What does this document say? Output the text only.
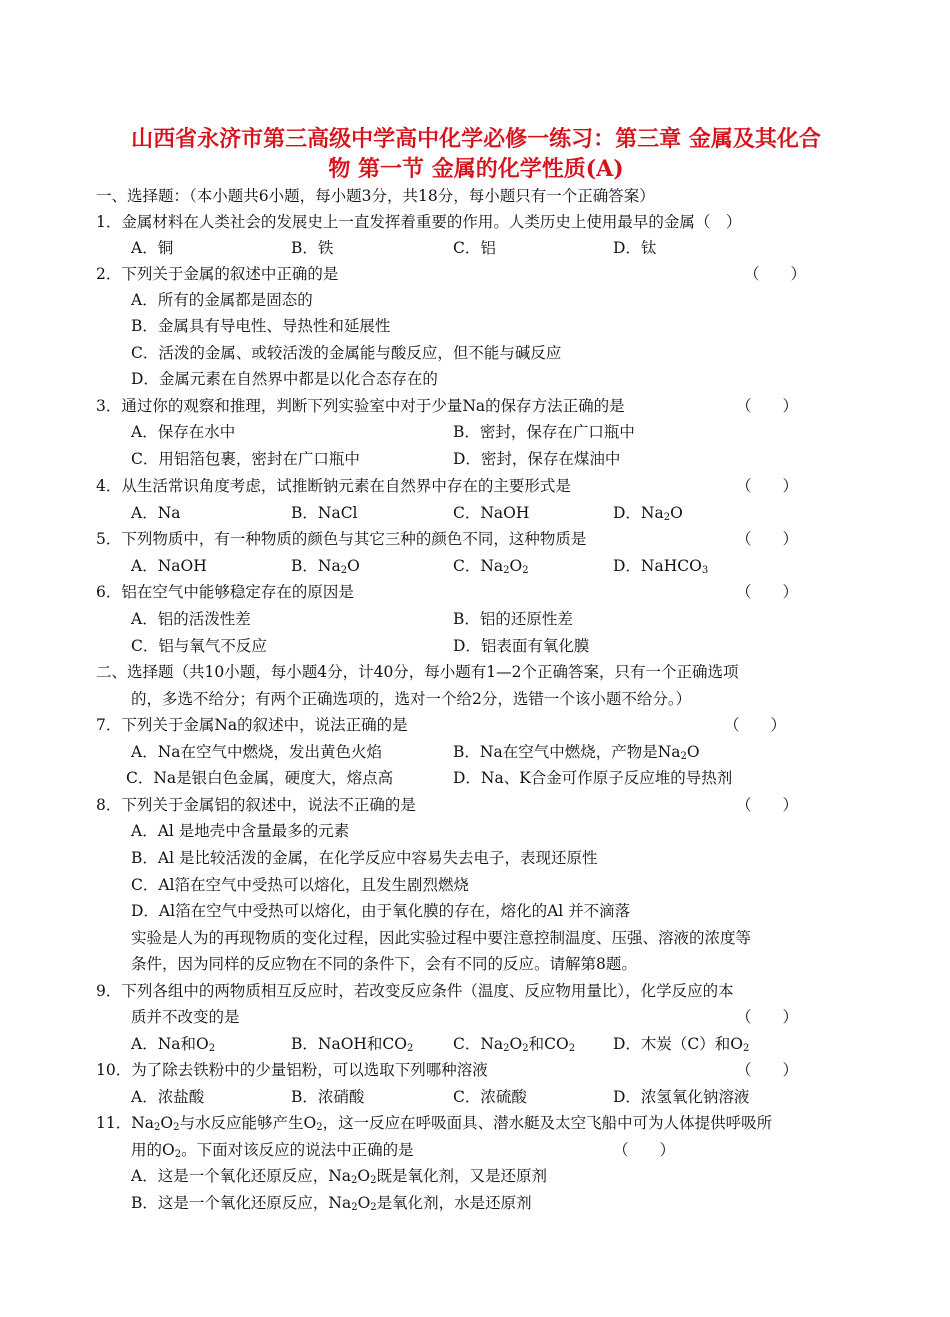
山西省永济市第三高级中学高中化学必修一练习：第三章 金属及其化合
物 第一节 金属的化学性质(A)
一、选择题：（本小题共6小题，每小题3分，共18分，每小题只有一个正确答案）
1．金属材料在人类社会的发展史上一直发挥着重要的作用。人类历史上使用最早的金属（　）
A．铜	B．铁	C．铝	D．钛
2．下列关于金属的叙述中正确的是	（　　）
A．所有的金属都是固态的
B．金属具有导电性、导热性和延展性
C．活泼的金属、或较活泼的金属能与酸反应，但不能与碱反应
D．金属元素在自然界中都是以化合态存在的
3．通过你的观察和推理，判断下列实验室中对于少量Na的保存方法正确的是	（　　）
A．保存在水中	B．密封，保存在广口瓶中
C．用铝箔包裹，密封在广口瓶中	D．密封，保存在煤油中
4．从生活常识角度考虑，试推断钠元素在自然界中存在的主要形式是	（　　）
A．Na	B．NaCl	C．NaOH	D．$Na_2O$
5．下列物质中，有一种物质的颜色与其它三种的颜色不同，这种物质是	（　　）
A．NaOH	B．$Na_2O$	C．$Na_2O_2$	D．NaHCO$_3$
6．铝在空气中能够稳定存在的原因是	（　　）
A．铝的活泼性差	B．铝的还原性差
C．铝与氧气不反应	D．铝表面有氧化膜
二、选择题（共10小题，每小题4分，计40分，每小题有1—2个正确答案，只有一个正确选项
的，多选不给分；有两个正确选项的，选对一个给2分，选错一个该小题不给分。）
7．下列关于金属Na的叙述中，说法正确的是	（　　）
A．Na在空气中燃烧，发出黄色火焰	B．Na在空气中燃烧，产物是$Na_2O$
C．Na是银白色金属，硬度大，熔点高	D．Na、K合金可作原子反应堆的导热剂
8．下列关于金属铝的叙述中，说法不正确的是	（　　）
A．Al 是地壳中含量最多的元素
B．Al 是比较活泼的金属，在化学反应中容易失去电子，表现还原性
C．Al箔在空气中受热可以熔化，且发生剧烈燃烧
D．Al箔在空气中受热可以熔化，由于氧化膜的存在，熔化的Al 并不滴落
实验是人为的再现物质的变化过程，因此实验过程中要注意控制温度、压强、溶液的浓度等
条件，因为同样的反应物在不同的条件下，会有不同的反应。请解第8题。
9．下列各组中的两物质相互反应时，若改变反应条件（温度、反应物用量比），化学反应的本
质并不改变的是	（　　）
A．Na和$O_2$	B．NaOH和$CO_2$	C．$Na_2O_2$和$CO_2$ D．木炭（C）和$O_2$
10．为了除去铁粉中的少量铝粉，可以选取下列哪种溶液	（　　）
A．浓盐酸	B．浓硝酸	C．浓硫酸	D．浓氢氧化钠溶液
11．$Na_2O_2$与水反应能够产生$O_2$，这一反应在呼吸面具、潜水艇及太空飞船中可为人体提供呼吸所
用的$O_2$。下面对该反应的说法中正确的是	（　　）
A．这是一个氧化还原反应，$Na_2O_2$既是氧化剂，又是还原剂
B．这是一个氧化还原反应，$Na_2O_2$是氧化剂，水是还原剂
